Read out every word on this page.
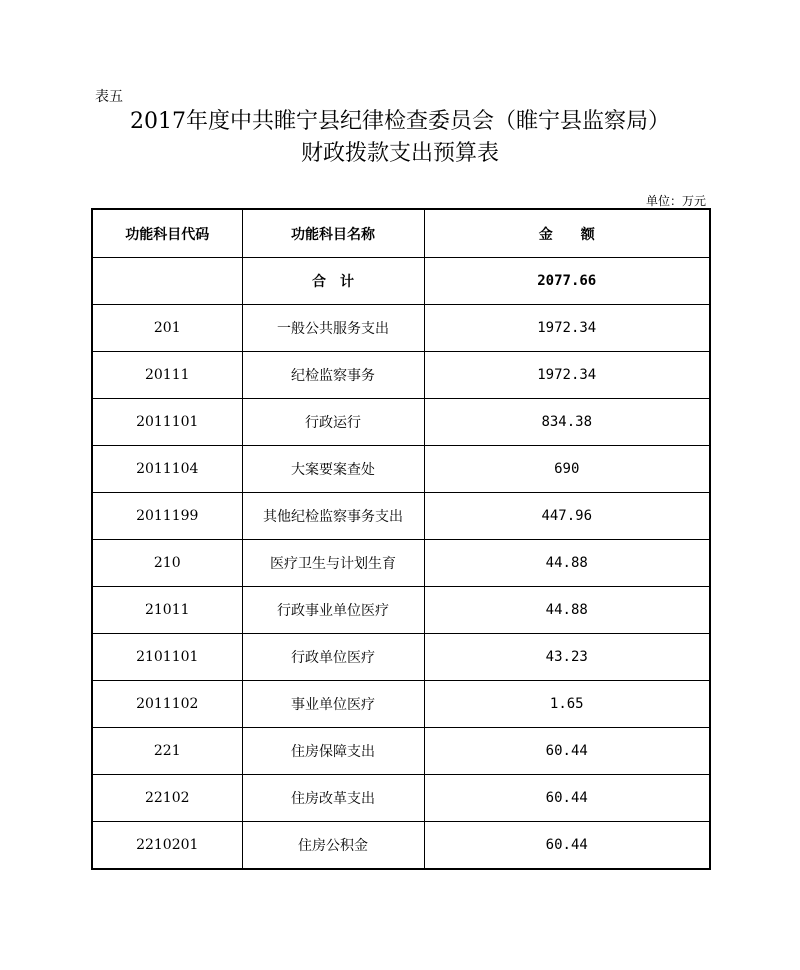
表五
2017年度中共睢宁县纪律检查委员会（睢宁县监察局）
财政拨款支出预算表
单位：万元
功能科目代码	功能科目名称	金　　额
	合　计	2077.66
201	一般公共服务支出	1972.34
20111	纪检监察事务	1972.34
2011101	行政运行	834.38
2011104	大案要案查处	690
2011199	其他纪检监察事务支出	447.96
210	医疗卫生与计划生育	44.88
21011	行政事业单位医疗	44.88
2101101	行政单位医疗	43.23
2011102	事业单位医疗	1.65
221	住房保障支出	60.44
22102	住房改革支出	60.44
2210201	住房公积金	60.44
